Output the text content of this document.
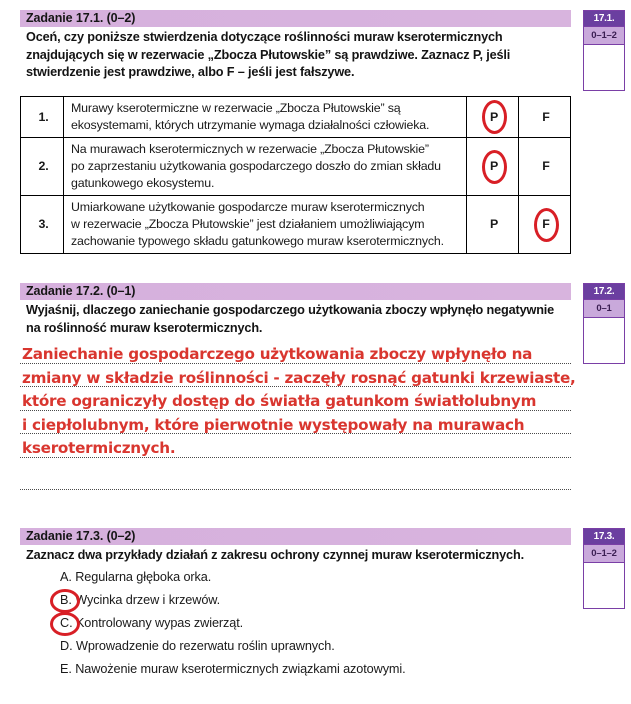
Zadanie 17.1. (0–2)
Oceń, czy poniższe stwierdzenia dotyczące roślinności muraw kserotermicznych znajdujących się w rezerwacie „Zbocza Płutowskie” są prawdziwe. Zaznacz P, jeśli stwierdzenie jest prawdziwe, albo F – jeśli jest fałszywe.
1.	Murawy kserotermiczne w rezerwacie „Zbocza Płutowskie” są
ekosystemami, których utrzymanie wymaga działalności człowieka.	P	F
2.	Na murawach kserotermicznych w rezerwacie „Zbocza Płutowskie”
po zaprzestaniu użytkowania gospodarczego doszło do zmian składu
gatunkowego ekosystemu.	P	F
3.	Umiarkowane użytkowanie gospodarcze muraw kserotermicznych
w rezerwacie „Zbocza Płutowskie” jest działaniem umożliwiającym
zachowanie typowego składu gatunkowego muraw kserotermicznych.	P	F
17.1.
0–1–2
Zadanie 17.2. (0–1)
Wyjaśnij, dlaczego zaniechanie gospodarczego użytkowania zboczy wpłynęło negatywnie na roślinność muraw kserotermicznych.
Zaniechanie gospodarczego użytkowania zboczy wpłynęło na
zmiany w składzie roślinności - zaczęły rosnąć gatunki krzewiaste,
które ograniczyły dostęp do światła gatunkom światłolubnym
i ciepłolubnym, które pierwotnie występowały na murawach
kserotermicznych.
17.2.
0–1
Zadanie 17.3. (0–2)
Zaznacz dwa przykłady działań z zakresu ochrony czynnej muraw kserotermicznych.
A. Regularna głęboka orka.
B. Wycinka drzew i krzewów.
C. Kontrolowany wypas zwierząt.
D. Wprowadzenie do rezerwatu roślin uprawnych.
E. Nawożenie muraw kserotermicznych związkami azotowymi.
17.3.
0–1–2
